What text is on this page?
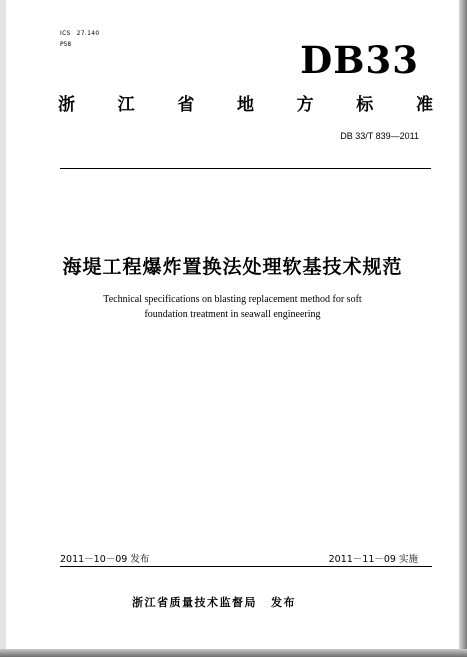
ICS 27.140
P58	DB33
浙	江	省	地	方	标	准
DB 33/T 839—2011
海堤工程爆炸置换法处理软基技术规范
Technical specifications on blasting replacement method for soft
foundation treatment in seawall engineering
2011－10－09 发布	2011－11－09 实施
浙江省质量技术监督局 发布
